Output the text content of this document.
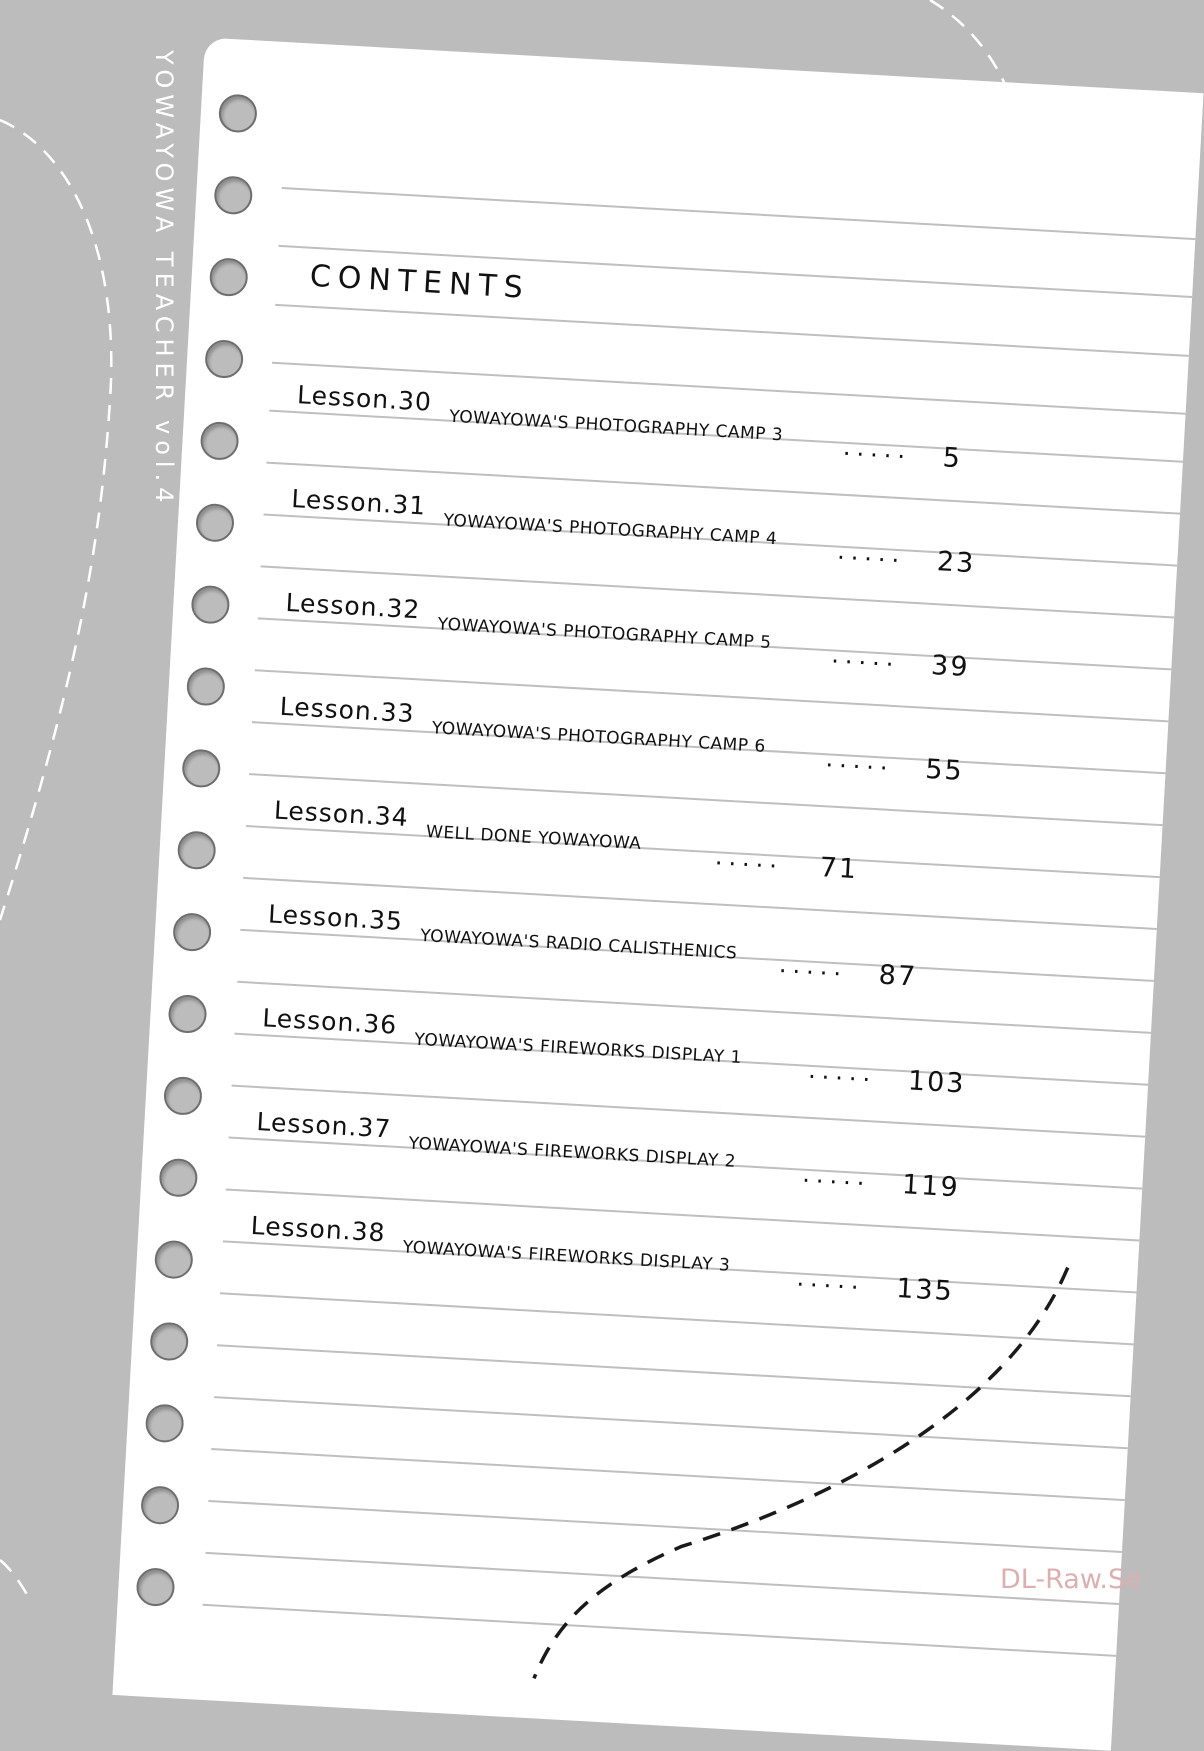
YOWAYOWA TEACHER vol.4	CONTENTS
Lesson.30
YOWAYOWA'S PHOTOGRAPHY CAMP 3
..... 5
Lesson.31
YOWAYOWA'S PHOTOGRAPHY CAMP 4
..... 23
Lesson.32
YOWAYOWA'S PHOTOGRAPHY CAMP 5
..... 39
Lesson.33
YOWAYOWA'S PHOTOGRAPHY CAMP 6
..... 55
Lesson.34
WELL DONE YOWAYOWA
..... 71
Lesson.35
YOWAYOWA'S RADIO CALISTHENICS
..... 87
Lesson.36
YOWAYOWA'S FIREWORKS DISPLAY 1
..... 103
Lesson.37
YOWAYOWA'S FIREWORKS DISPLAY 2
..... 119
Lesson.38
YOWAYOWA'S FIREWORKS DISPLAY 3
..... 135
DL-Raw.Se
